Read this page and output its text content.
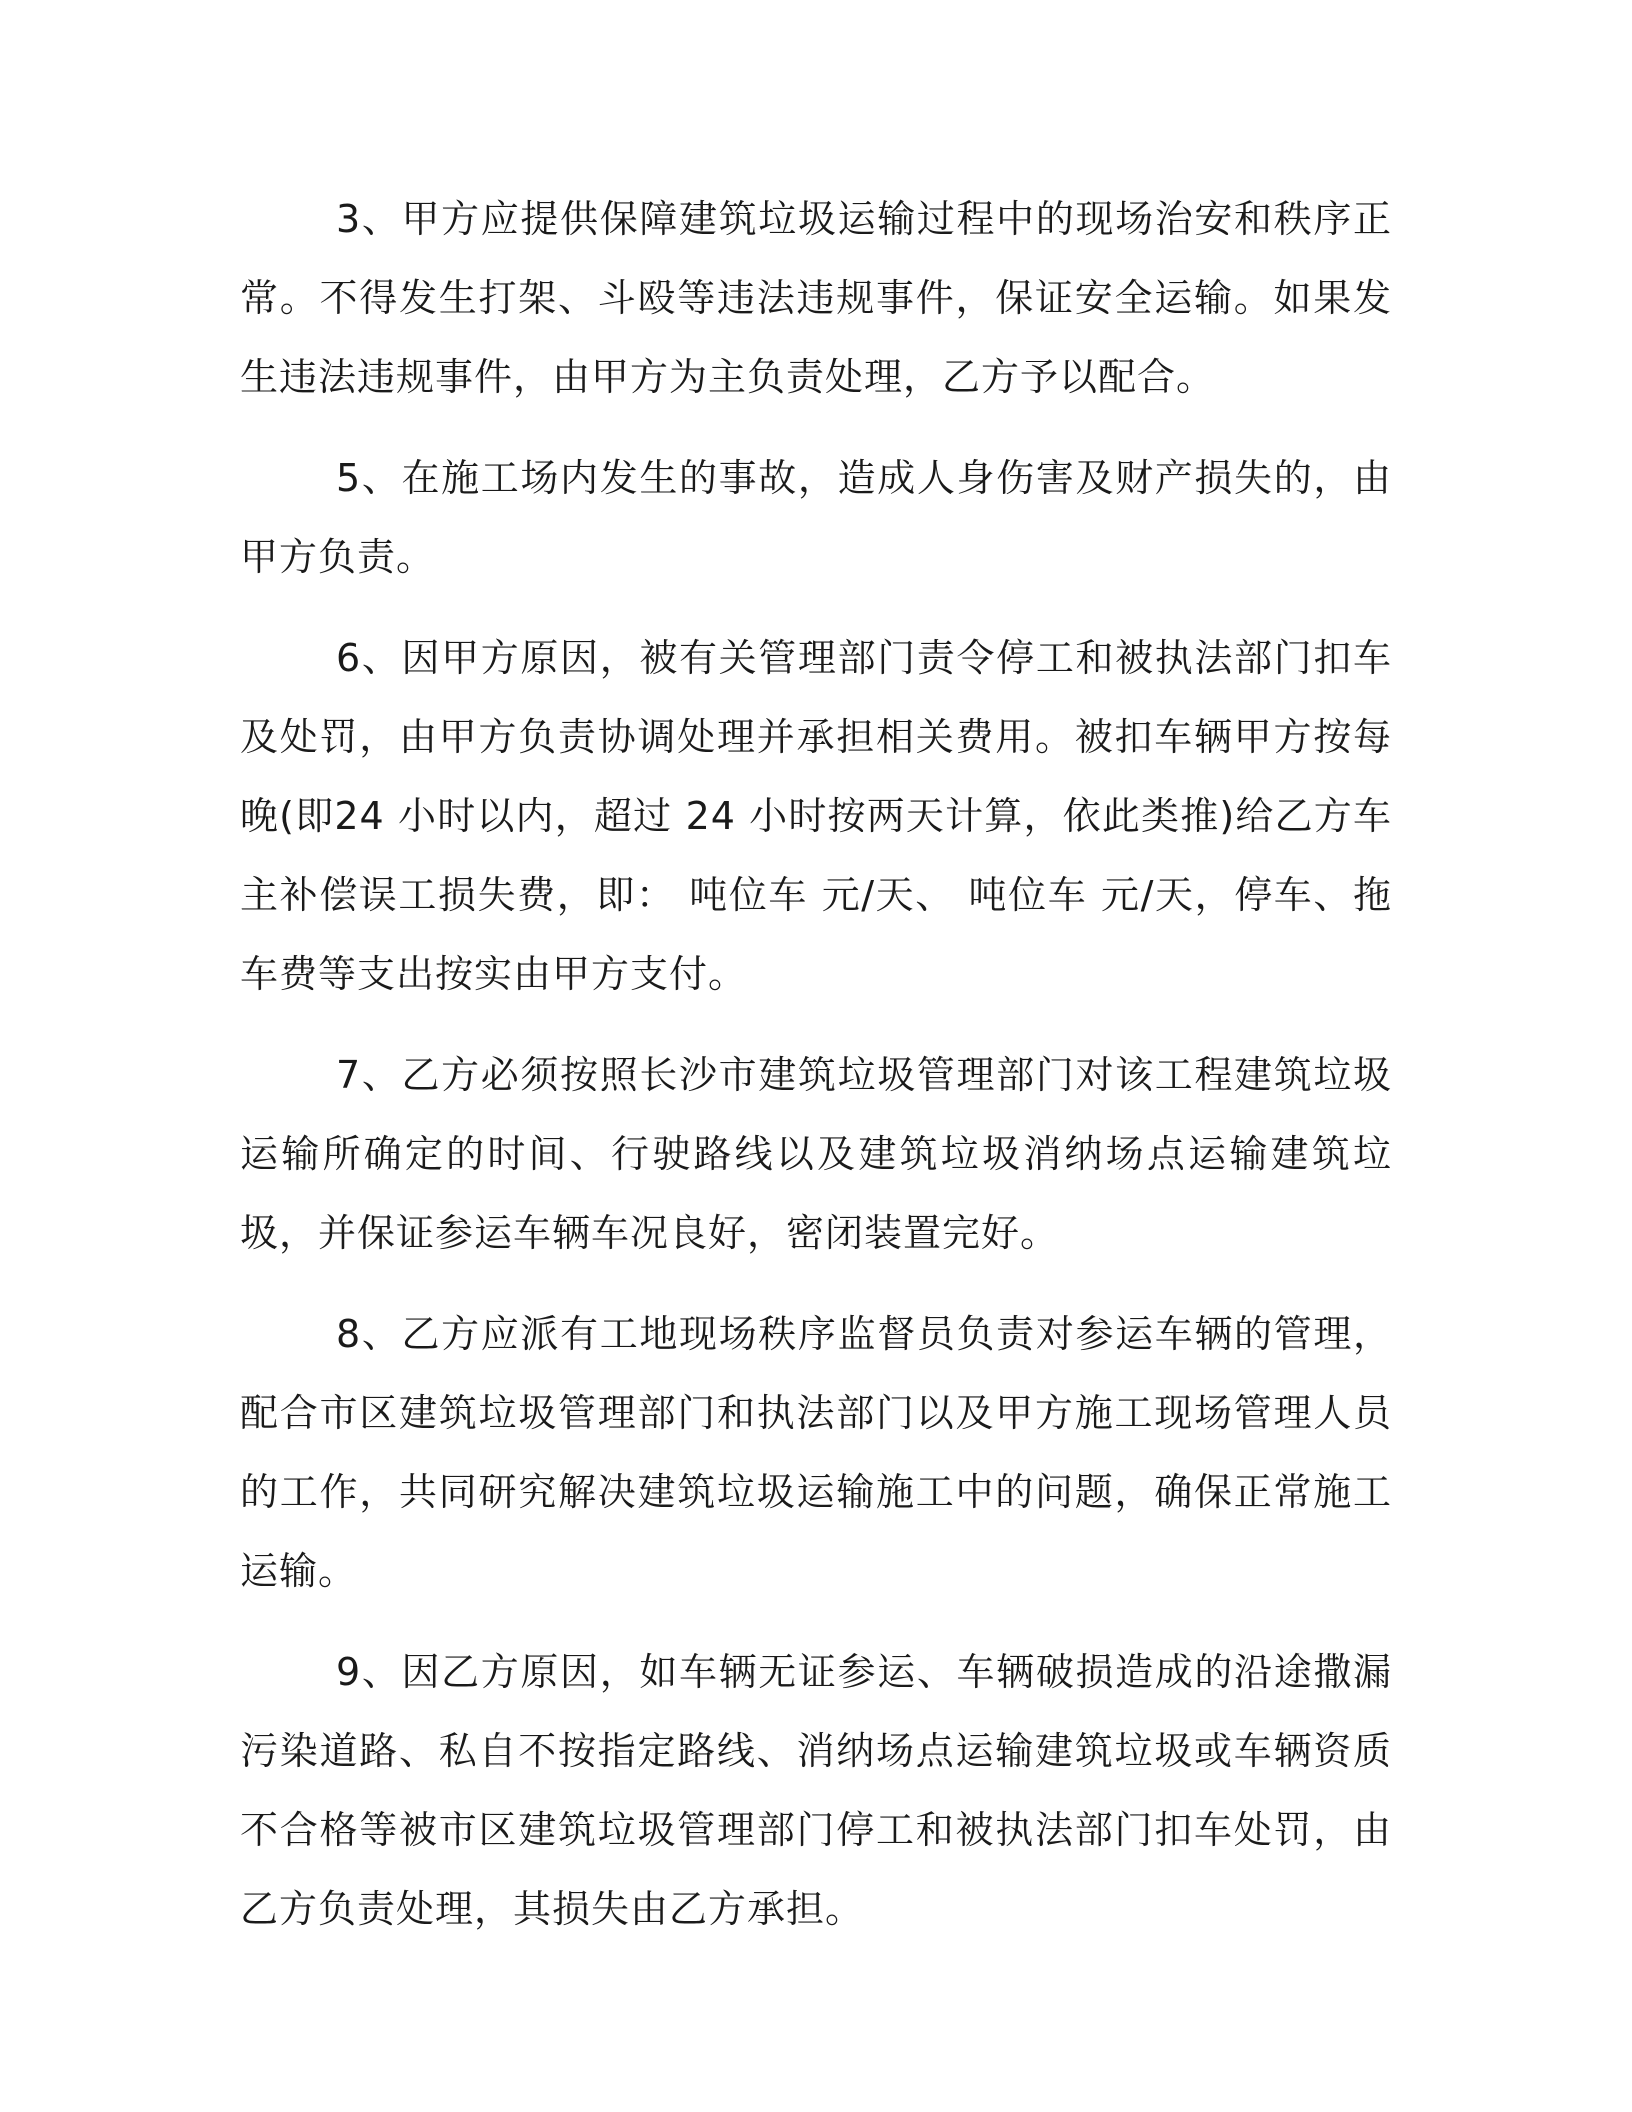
3、甲方应提供保障建筑垃圾运输过程中的现场治安和秩序正常。不得发生打架、斗殴等违法违规事件，保证安全运输。如果发生违法违规事件，由甲方为主负责处理，乙方予以配合。

5、在施工场内发生的事故，造成人身伤害及财产损失的，由甲方负责。

6、因甲方原因，被有关管理部门责令停工和被执法部门扣车及处罚，由甲方负责协调处理并承担相关费用。被扣车辆甲方按每晚(即24 小时以内，超过 24 小时按两天计算，依此类推)给乙方车主补偿误工损失费，即： 吨位车 元/天、 吨位车 元/天，停车、拖车费等支出按实由甲方支付。

7、乙方必须按照长沙市建筑垃圾管理部门对该工程建筑垃圾运输所确定的时间、行驶路线以及建筑垃圾消纳场点运输建筑垃圾，并保证参运车辆车况良好，密闭装置完好。

8、乙方应派有工地现场秩序监督员负责对参运车辆的管理，配合市区建筑垃圾管理部门和执法部门以及甲方施工现场管理人员的工作，共同研究解决建筑垃圾运输施工中的问题，确保正常施工运输。

9、因乙方原因，如车辆无证参运、车辆破损造成的沿途撒漏污染道路、私自不按指定路线、消纳场点运输建筑垃圾或车辆资质不合格等被市区建筑垃圾管理部门停工和被执法部门扣车处罚，由乙方负责处理，其损失由乙方承担。
